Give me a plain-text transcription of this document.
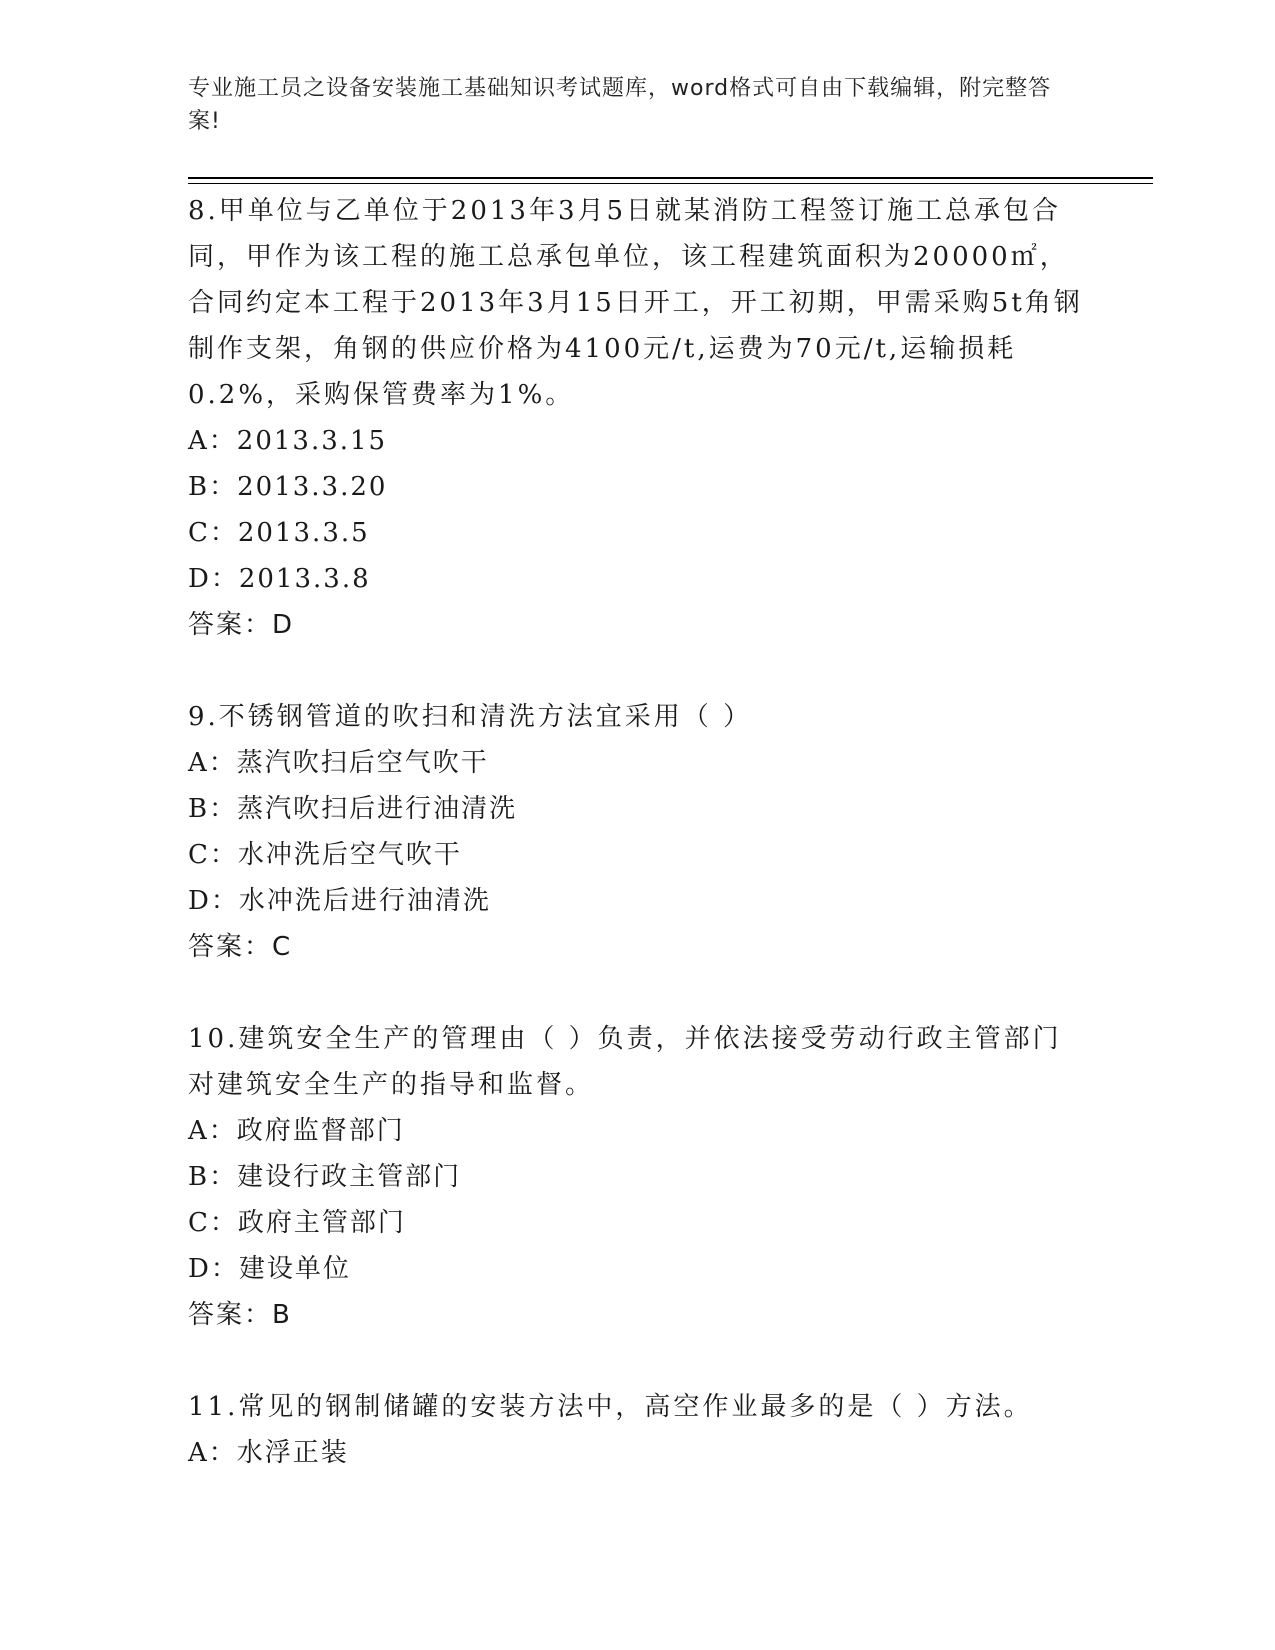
专业施工员之设备安装施工基础知识考试题库，word格式可自由下载编辑，附完整答案!

8.甲单位与乙单位于2013年3月5日就某消防工程签订施工总承包合同，甲作为该工程的施工总承包单位，该工程建筑面积为20000㎡，合同约定本工程于2013年3月15日开工，开工初期，甲需采购5t角钢制作支架，角钢的供应价格为4100元/t,运费为70元/t,运输损耗0.2%，采购保管费率为1%。

A：2013.3.15

B：2013.3.20

C：2013.3.5

D：2013.3.8

答案：D

9.不锈钢管道的吹扫和清洗方法宜采用（ ）

A：蒸汽吹扫后空气吹干

B：蒸汽吹扫后进行油清洗

C：水冲洗后空气吹干

D：水冲洗后进行油清洗

答案：C

10.建筑安全生产的管理由（ ）负责，并依法接受劳动行政主管部门对建筑安全生产的指导和监督。

A：政府监督部门

B：建设行政主管部门

C：政府主管部门

D：建设单位

答案：B

11.常见的钢制储罐的安装方法中，高空作业最多的是（ ）方法。

A：水浮正装
